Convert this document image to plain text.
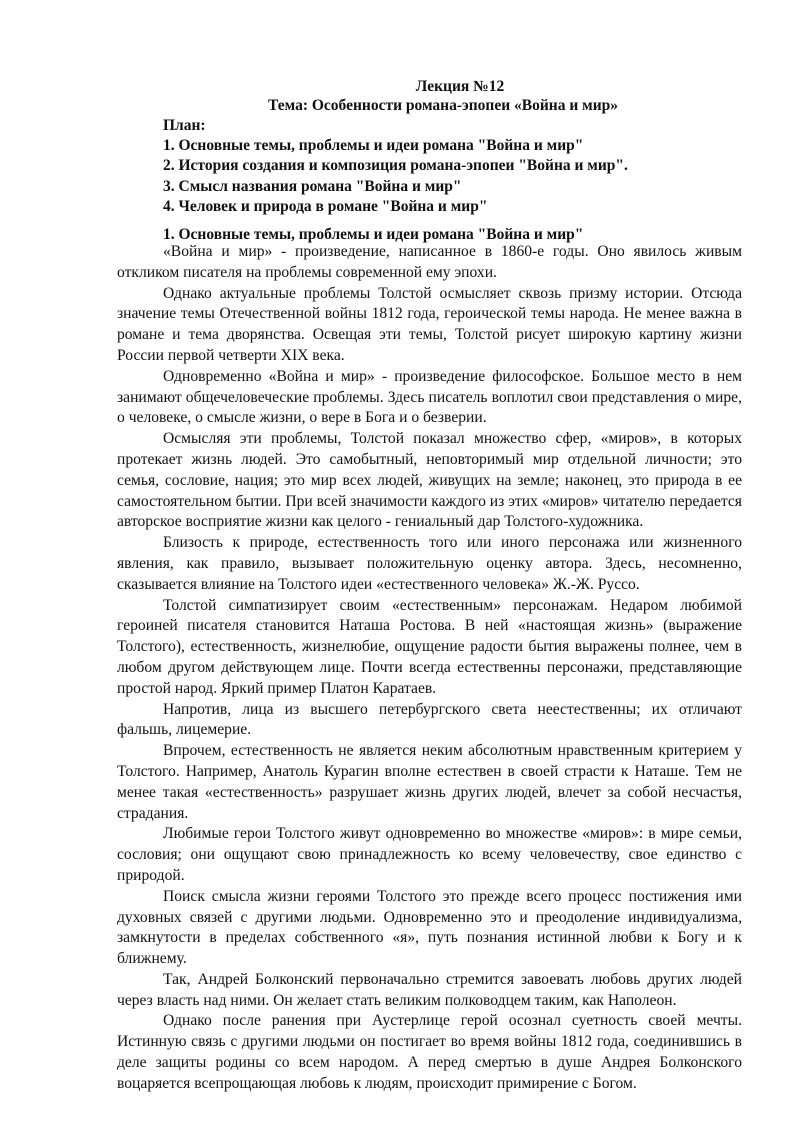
Лекция №12
Тема: Особенности романа-эпопеи «Война и мир»
План:
1. Основные темы, проблемы и идеи романа "Война и мир"
2. История создания и композиция романа-эпопеи "Война и мир".
3. Смысл названия романа "Война и мир"
4. Человек и природа в романе "Война и мир"
1. Основные темы, проблемы и идеи романа "Война и мир"

«Война и мир» - произведение, написанное в 1860-е годы. Оно явилось живым откликом писателя на проблемы современной ему эпохи.

Однако актуальные проблемы Толстой осмысляет сквозь призму истории. Отсюда значение темы Отечественной войны 1812 года, героической темы народа. Не менее важна в романе и тема дворянства. Освещая эти темы, Толстой рисует широкую картину жизни России первой четверти XIX века.

Одновременно «Война и мир» - произведение философское. Большое место в нем занимают общечеловеческие проблемы. Здесь писатель воплотил свои представления о мире, о человеке, о смысле жизни, о вере в Бога и о безверии.

Осмысляя эти проблемы, Толстой показал множество сфер, «миров», в которых протекает жизнь людей. Это самобытный, неповторимый мир отдельной личности; это семья, сословие, нация; это мир всех людей, живущих на земле; наконец, это природа в ее самостоятельном бытии. При всей значимости каждого из этих «миров» читателю передается авторское восприятие жизни как целого - гениальный дар Толстого-художника.

Близость к природе, естественность того или иного персонажа или жизненного явления, как правило, вызывает положительную оценку автора. Здесь, несомненно, сказывается влияние на Толстого идеи «естественного человека» Ж.-Ж. Руссо.

Толстой симпатизирует своим «естественным» персонажам. Недаром любимой героиней писателя становится Наташа Ростова. В ней «настоящая жизнь» (выражение Толстого), естественность, жизнелюбие, ощущение радости бытия выражены полнее, чем в любом другом действующем лице. Почти всегда естественны персонажи, представляющие простой народ. Яркий пример Платон Каратаев.

Напротив, лица из высшего петербургского света неестественны; их отличают фальшь, лицемерие.

Впрочем, естественность не является неким абсолютным нравственным критерием у Толстого. Например, Анатоль Курагин вполне естествен в своей страсти к Наташе. Тем не менее такая «естественность» разрушает жизнь других людей, влечет за собой несчастья, страдания.

Любимые герои Толстого живут одновременно во множестве «миров»: в мире семьи, сословия; они ощущают свою принадлежность ко всему человечеству, свое единство с природой.

Поиск смысла жизни героями Толстого это прежде всего процесс постижения ими духовных связей с другими людьми. Одновременно это и преодоление индивидуализма, замкнутости в пределах собственного «я», путь познания истинной любви к Богу и к ближнему.

Так, Андрей Болконский первоначально стремится завоевать любовь других людей через власть над ними. Он желает стать великим полководцем таким, как Наполеон.

Однако после ранения при Аустерлице герой осознал суетность своей мечты. Истинную связь с другими людьми он постигает во время войны 1812 года, соединившись в деле защиты родины со всем народом. А перед смертью в душе Андрея Болконского воцаряется всепрощающая любовь к людям, происходит примирение с Богом.
